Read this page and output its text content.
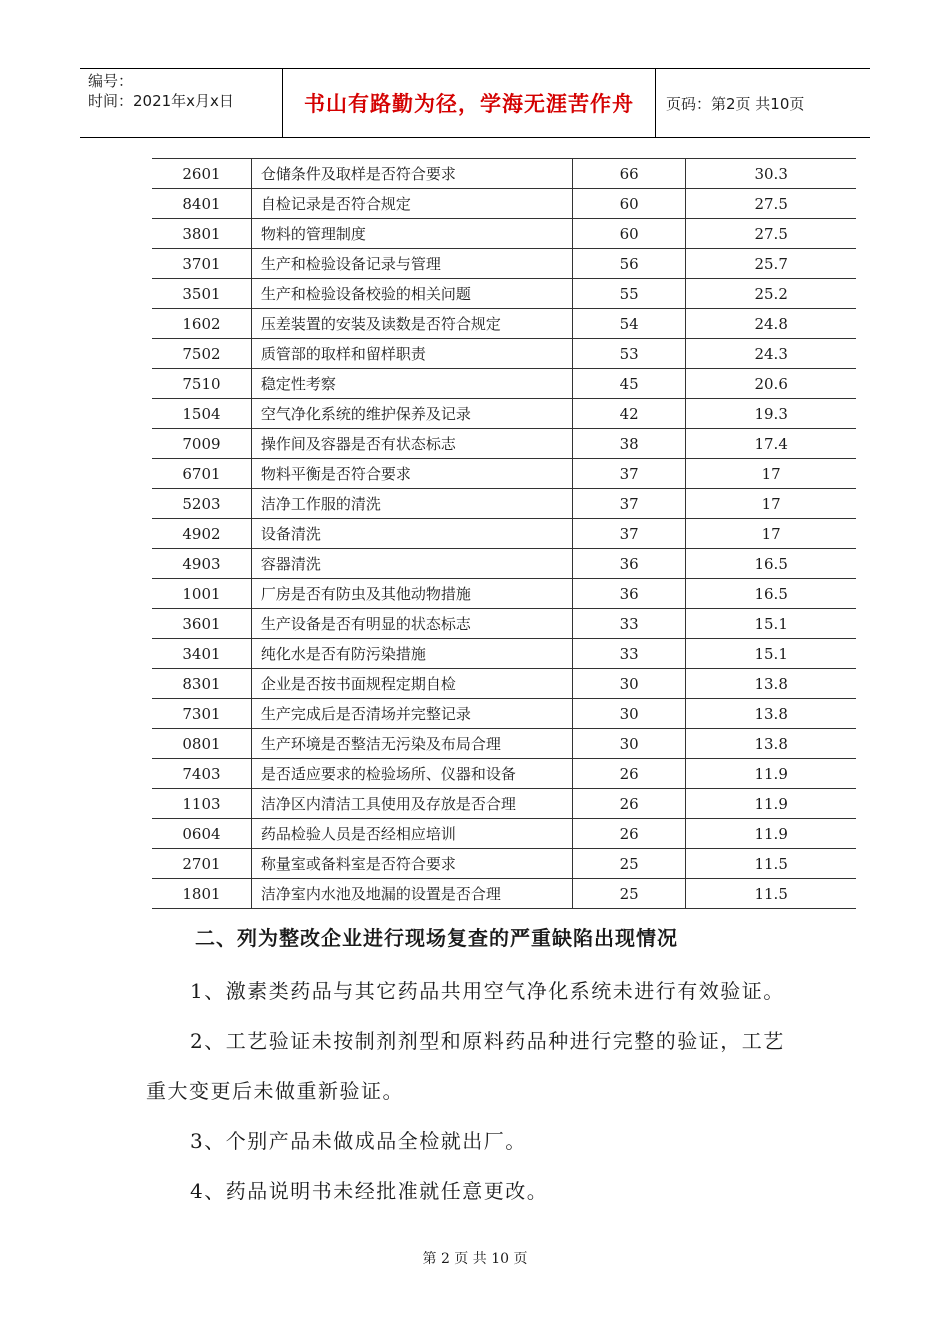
编号：
时间：2021年x月x日	书山有路勤为径，学海无涯苦作舟	页码：第2页 共10页
2601	仓储条件及取样是否符合要求	66	30.3
8401	自检记录是否符合规定	60	27.5
3801	物料的管理制度	60	27.5
3701	生产和检验设备记录与管理	56	25.7
3501	生产和检验设备校验的相关问题	55	25.2
1602	压差装置的安装及读数是否符合规定	54	24.8
7502	质管部的取样和留样职责	53	24.3
7510	稳定性考察	45	20.6
1504	空气净化系统的维护保养及记录	42	19.3
7009	操作间及容器是否有状态标志	38	17.4
6701	物料平衡是否符合要求	37	17
5203	洁净工作服的清洗	37	17
4902	设备清洗	37	17
4903	容器清洗	36	16.5
1001	厂房是否有防虫及其他动物措施	36	16.5
3601	生产设备是否有明显的状态标志	33	15.1
3401	纯化水是否有防污染措施	33	15.1
8301	企业是否按书面规程定期自检	30	13.8
7301	生产完成后是否清场并完整记录	30	13.8
0801	生产环境是否整洁无污染及布局合理	30	13.8
7403	是否适应要求的检验场所、仪器和设备	26	11.9
1103	洁净区内清洁工具使用及存放是否合理	26	11.9
0604	药品检验人员是否经相应培训	26	11.9
2701	称量室或备料室是否符合要求	25	11.5
1801	洁净室内水池及地漏的设置是否合理	25	11.5
二、列为整改企业进行现场复查的严重缺陷出现情况
1、激素类药品与其它药品共用空气净化系统未进行有效验证。
2、工艺验证未按制剂剂型和原料药品种进行完整的验证，工艺
重大变更后未做重新验证。
3、个别产品未做成品全检就出厂。
4、药品说明书未经批准就任意更改。
第 2 页 共 10 页
